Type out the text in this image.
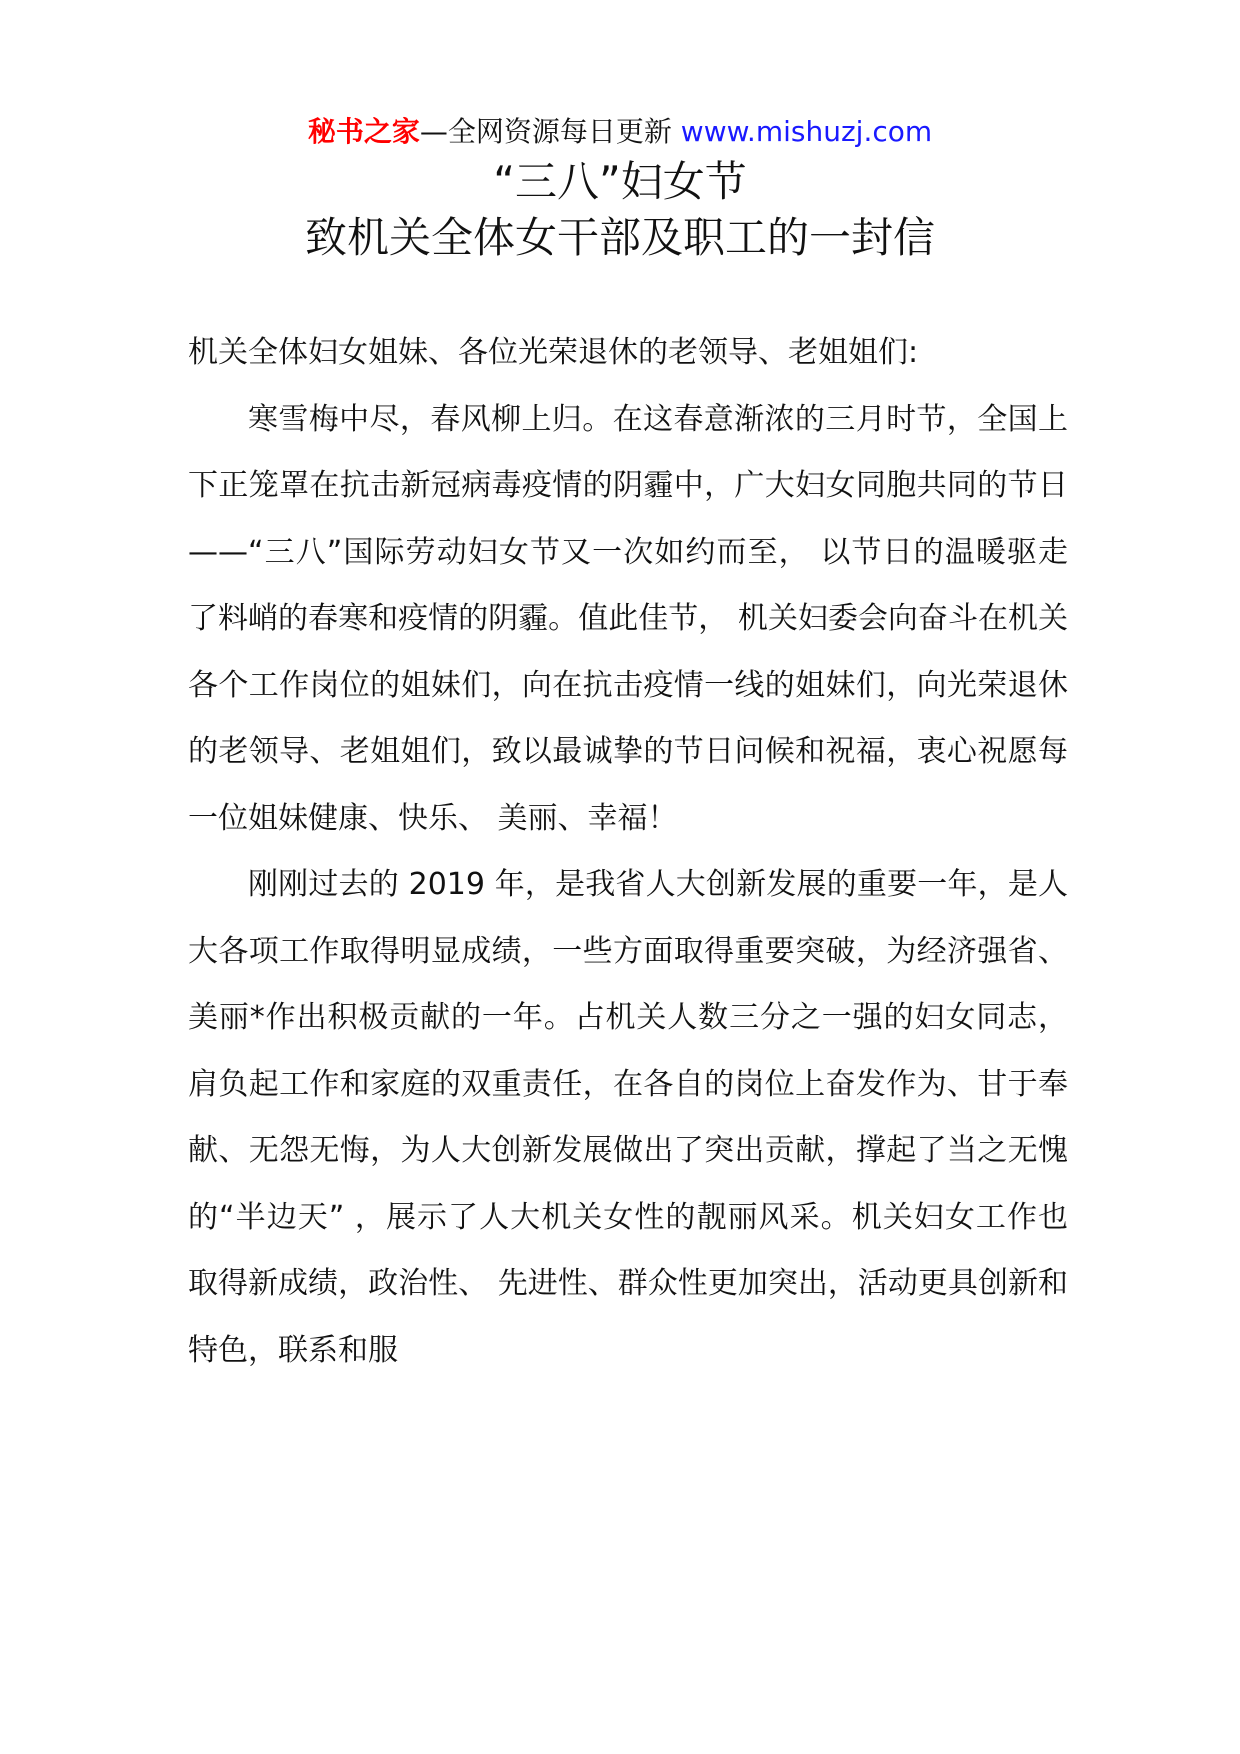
秘书之家—全网资源每日更新 www.mishuzj.com
“三八”妇女节
致机关全体女干部及职工的一封信

机关全体妇女姐妹、各位光荣退休的老领导、老姐姐们:

寒雪梅中尽，春风柳上归。在这春意渐浓的三月时节，全国上下正笼罩在抗击新冠病毒疫情的阴霾中，广大妇女同胞共同的节日——“三八”国际劳动妇女节又一次如约而至， 以节日的温暖驱走了料峭的春寒和疫情的阴霾。值此佳节， 机关妇委会向奋斗在机关各个工作岗位的姐妹们，向在抗击疫情一线的姐妹们，向光荣退休的老领导、老姐姐们，致以最诚挚的节日问候和祝福，衷心祝愿每一位姐妹健康、快乐、 美丽、幸福！

刚刚过去的 2019 年，是我省人大创新发展的重要一年，是人大各项工作取得明显成绩，一些方面取得重要突破，为经济强省、美丽*作出积极贡献的一年。占机关人数三分之一强的妇女同志，肩负起工作和家庭的双重责任，在各自的岗位上奋发作为、甘于奉献、无怨无悔，为人大创新发展做出了突出贡献，撑起了当之无愧的“半边天” ，展示了人大机关女性的靓丽风采。机关妇女工作也取得新成绩，政治性、 先进性、群众性更加突出，活动更具创新和特色，联系和服
